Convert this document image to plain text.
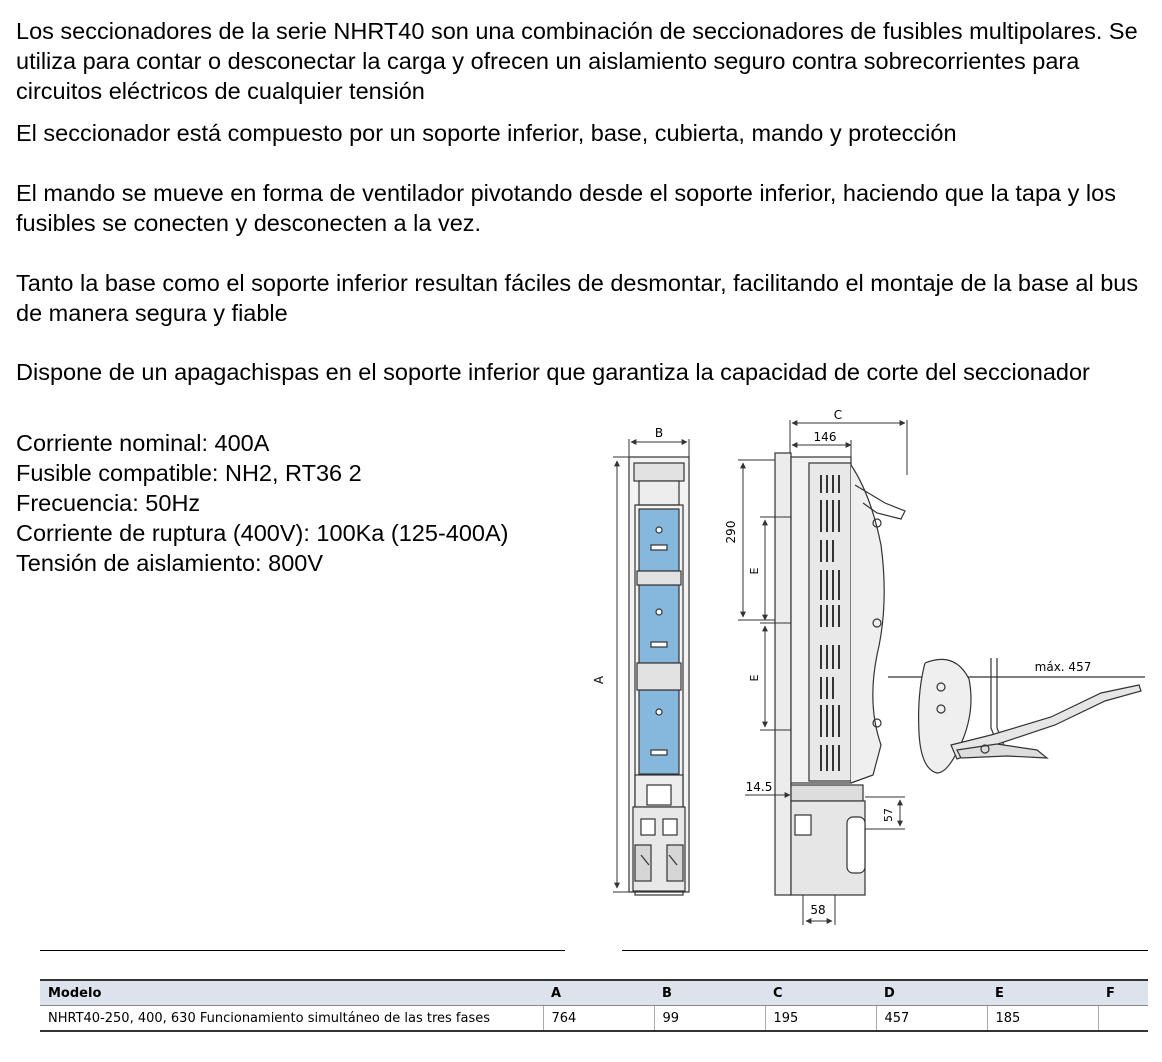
Los seccionadores de la serie NHRT40 son una combinación de seccionadores de fusibles multipolares. Se utiliza para contar o desconectar la carga y ofrecen un aislamiento seguro contra sobrecorrientes para circuitos eléctricos de cualquier tensión

El seccionador está compuesto por un soporte inferior, base, cubierta, mando y protección

El mando se mueve en forma de ventilador pivotando desde el soporte inferior, haciendo que la tapa y los fusibles se conecten y desconecten a la vez.

Tanto la base como el soporte inferior resultan fáciles de desmontar, facilitando el montaje de la base al bus de manera segura y fiable

Dispone de un apagachispas en el soporte inferior que garantiza la capacidad de corte del seccionador

Corriente nominal: 400A
Fusible compatible: NH2, RT36 2
Frecuencia: 50Hz
Corriente de ruptura (400V): 100Ka (125-400A)
Tensión de aislamiento: 800V
B
A
C
146
290
E
E
14.5
57
58
máx. 457
Modelo	A	B	C	D	E	F
NHRT40-250, 400, 630 Funcionamiento simultáneo de las tres fases	764	99	195	457	185	
